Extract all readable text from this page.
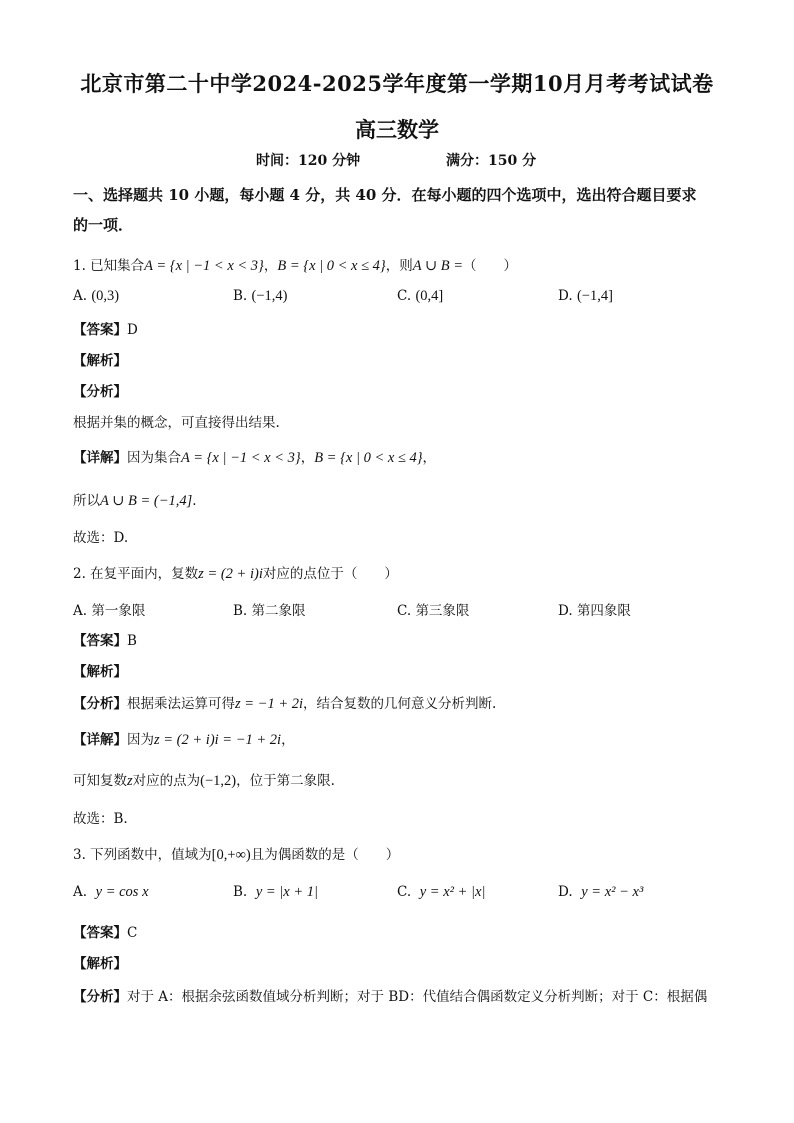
北京市第二十中学2024-2025学年度第一学期10月月考考试试卷
高三数学
时间：120 分钟	满分：150 分
一、选择题共 10 小题，每小题 4 分，共 40 分．在每小题的四个选项中，选出符合题目要求
的一项．
1. 已知集合A = {x | −1 < x < 3}，B = {x | 0 < x ≤ 4}，则A ∪ B =（　　）
A. (0,3)	B. (−1,4)	C. (0,4]	D. (−1,4]
【答案】D
【解析】
【分析】
根据并集的概念，可直接得出结果.
【详解】因为集合A = {x | −1 < x < 3}，B = {x | 0 < x ≤ 4}，
所以A ∪ B = (−1,4].
故选：D.
2. 在复平面内，复数z = (2 + i)i对应的点位于（　　）
A. 第一象限	B. 第二象限	C. 第三象限	D. 第四象限
【答案】B
【解析】
【分析】根据乘法运算可得z = −1 + 2i，结合复数的几何意义分析判断.
【详解】因为z = (2 + i)i = −1 + 2i，
可知复数z对应的点为(−1,2)，位于第二象限.
故选：B.
3. 下列函数中，值域为[0,+∞)且为偶函数的是（　　）
A. y = cos x	B. y = |x + 1|	C. y = x² + |x|	D. y = x² − x³
【答案】C
【解析】
【分析】对于 A：根据余弦函数值域分析判断；对于 BD：代值结合偶函数定义分析判断；对于 C：根据偶
